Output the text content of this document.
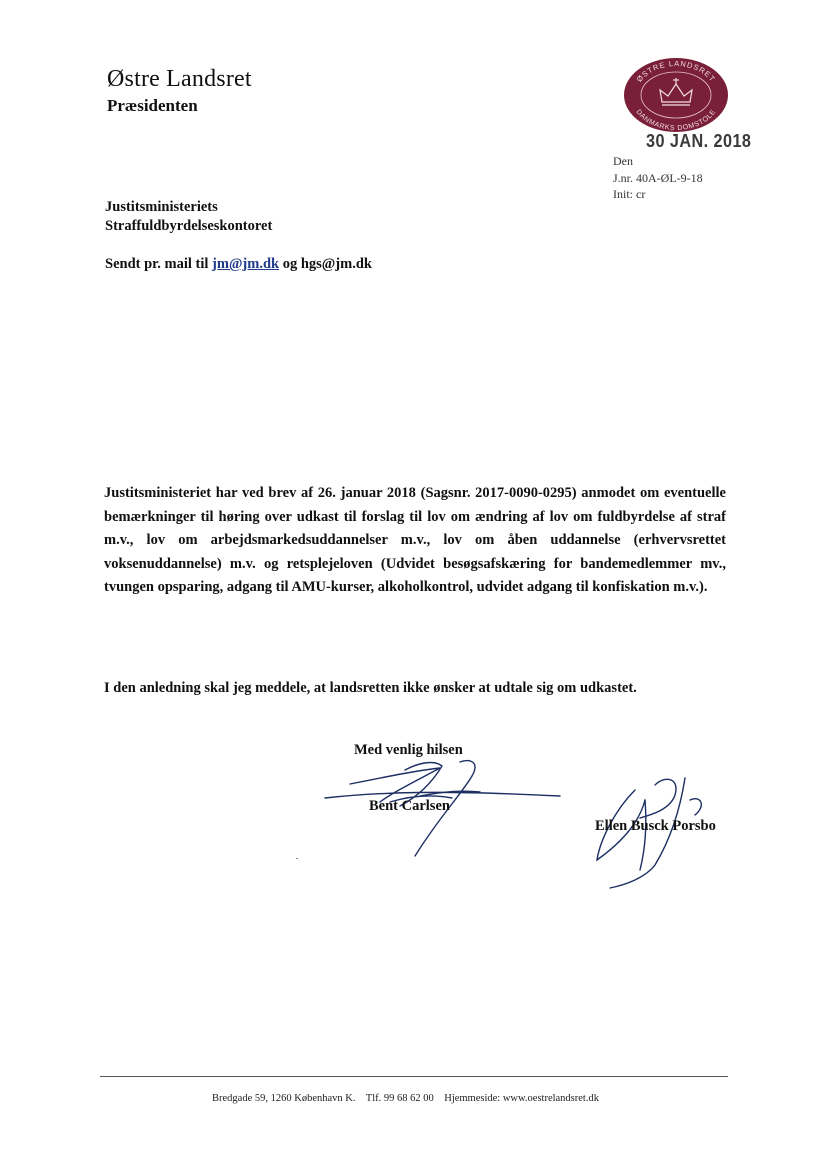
Østre Landsret
Præsidenten
ØSTRE LANDSRET
DANMARKS DOMSTOLE
30 JAN. 2018
Den
J.nr. 40A-ØL-9-18
Init: cr
Justitsministeriets
Straffuldbyrdelseskontoret
Sendt pr. mail til jm@jm.dk og hgs@jm.dk
Justitsministeriet har ved brev af 26. januar 2018 (Sagsnr. 2017-0090-0295) anmodet om eventuelle bemærkninger til høring over udkast til forslag til lov om ændring af lov om fuldbyrdelse af straf m.v., lov om arbejdsmarkedsuddannelser m.v., lov om åben uddannelse (erhvervsrettet voksenuddannelse) m.v. og retsplejeloven (Udvidet besøgsafskæring for bandemedlemmer mv., tvungen opsparing, adgang til AMU-kurser, alkoholkontrol, udvidet adgang til konfiskation m.v.).
I den anledning skal jeg meddele, at landsretten ikke ønsker at udtale sig om udkastet.
Med venlig hilsen
Bent Carlsen
Ellen Busck Porsbo
Bredgade 59, 1260 København K. Tlf. 99 68 62 00 Hjemmeside: www.oestrelandsret.dk
